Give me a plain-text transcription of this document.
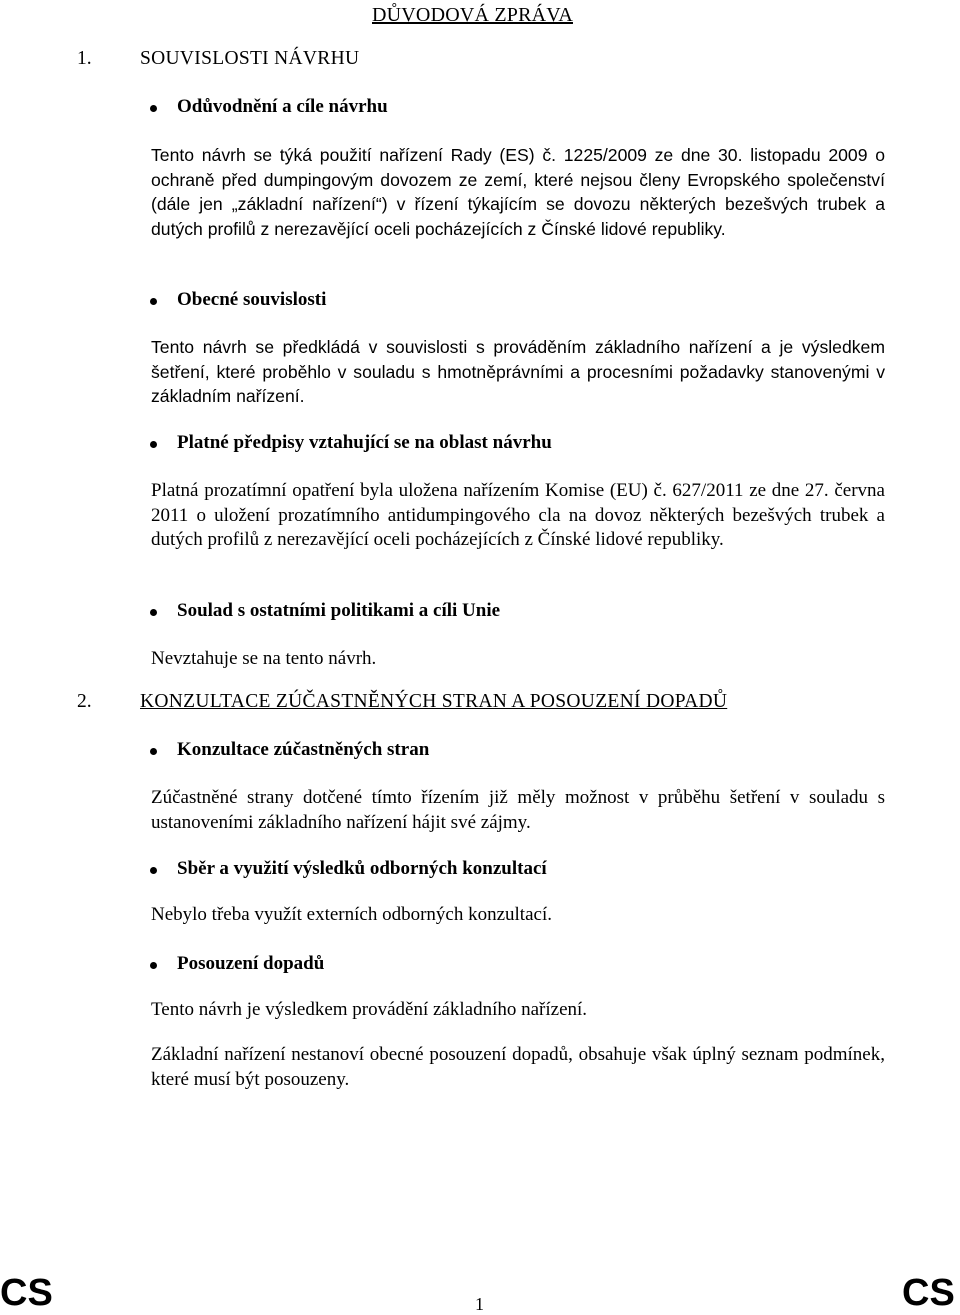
DŮVODOVÁ ZPRÁVA
1.	SOUVISLOSTI NÁVRHU
Odůvodnění a cíle návrhu
Tento návrh se týká použití nařízení Rady (ES) č. 1225/2009 ze dne 30. listopadu 2009 o ochraně před dumpingovým dovozem ze zemí, které nejsou členy Evropského společenství (dále jen „základní nařízení“) v řízení týkajícím se dovozu některých bezešvých trubek a dutých profilů z nerezavějící oceli pocházejících z Čínské lidové republiky.
Obecné souvislosti
Tento návrh se předkládá v souvislosti s prováděním základního nařízení a je výsledkem šetření, které proběhlo v souladu s hmotněprávními a procesními požadavky stanovenými v základním nařízení.
Platné předpisy vztahující se na oblast návrhu
Platná prozatímní opatření byla uložena nařízením Komise (EU) č. 627/2011 ze dne 27. června 2011 o uložení prozatímního antidumpingového cla na dovoz některých bezešvých trubek a dutých profilů z nerezavějící oceli pocházejících z Čínské lidové republiky.
Soulad s ostatními politikami a cíli Unie
Nevztahuje se na tento návrh.
2.	KONZULTACE ZÚČASTNĚNÝCH STRAN A POSOUZENÍ DOPADŮ
Konzultace zúčastněných stran
Zúčastněné strany dotčené tímto řízením již měly možnost v průběhu šetření v souladu s ustanoveními základního nařízení hájit své zájmy.
Sběr a využití výsledků odborných konzultací
Nebylo třeba využít externích odborných konzultací.
Posouzení dopadů
Tento návrh je výsledkem provádění základního nařízení.
Základní nařízení nestanoví obecné posouzení dopadů, obsahuje však úplný seznam podmínek, které musí být posouzeny.
CS	1	CS
